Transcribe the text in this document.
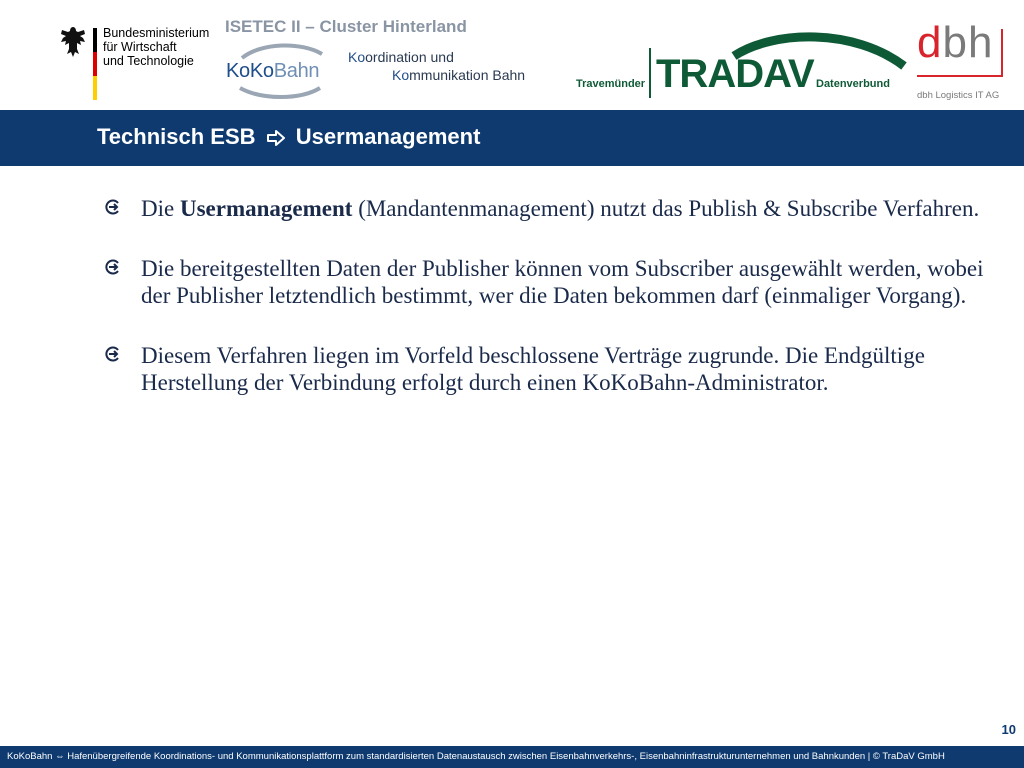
Bundesministerium
für Wirtschaft
und Technologie
ISETEC II – Cluster Hinterland
KoKoBahn
Koordination und
Kommunikation Bahn
Travemünder TRADAV Datenverbund
dbh
dbh Logistics IT AG
Technisch ESB Usermanagement
Die Usermanagement (Mandantenmanagement) nutzt das Publish & Subscribe Verfahren.
Die bereitgestellten Daten der Publisher können vom Subscriber ausgewählt werden, wobei der Publisher letztendlich bestimmt, wer die Daten bekommen darf (einmaliger Vorgang).
Diesem Verfahren liegen im Vorfeld beschlossene Verträge zugrunde. Die Endgültige Herstellung der Verbindung erfolgt durch einen KoKoBahn-Administrator.
10
KoKoBahn ⇔ Hafenübergreifende Koordinations- und Kommunikationsplattform zum standardisierten Datenaustausch zwischen Eisenbahnverkehrs-, Eisenbahninfrastrukturunternehmen und Bahnkunden | © TraDaV GmbH
